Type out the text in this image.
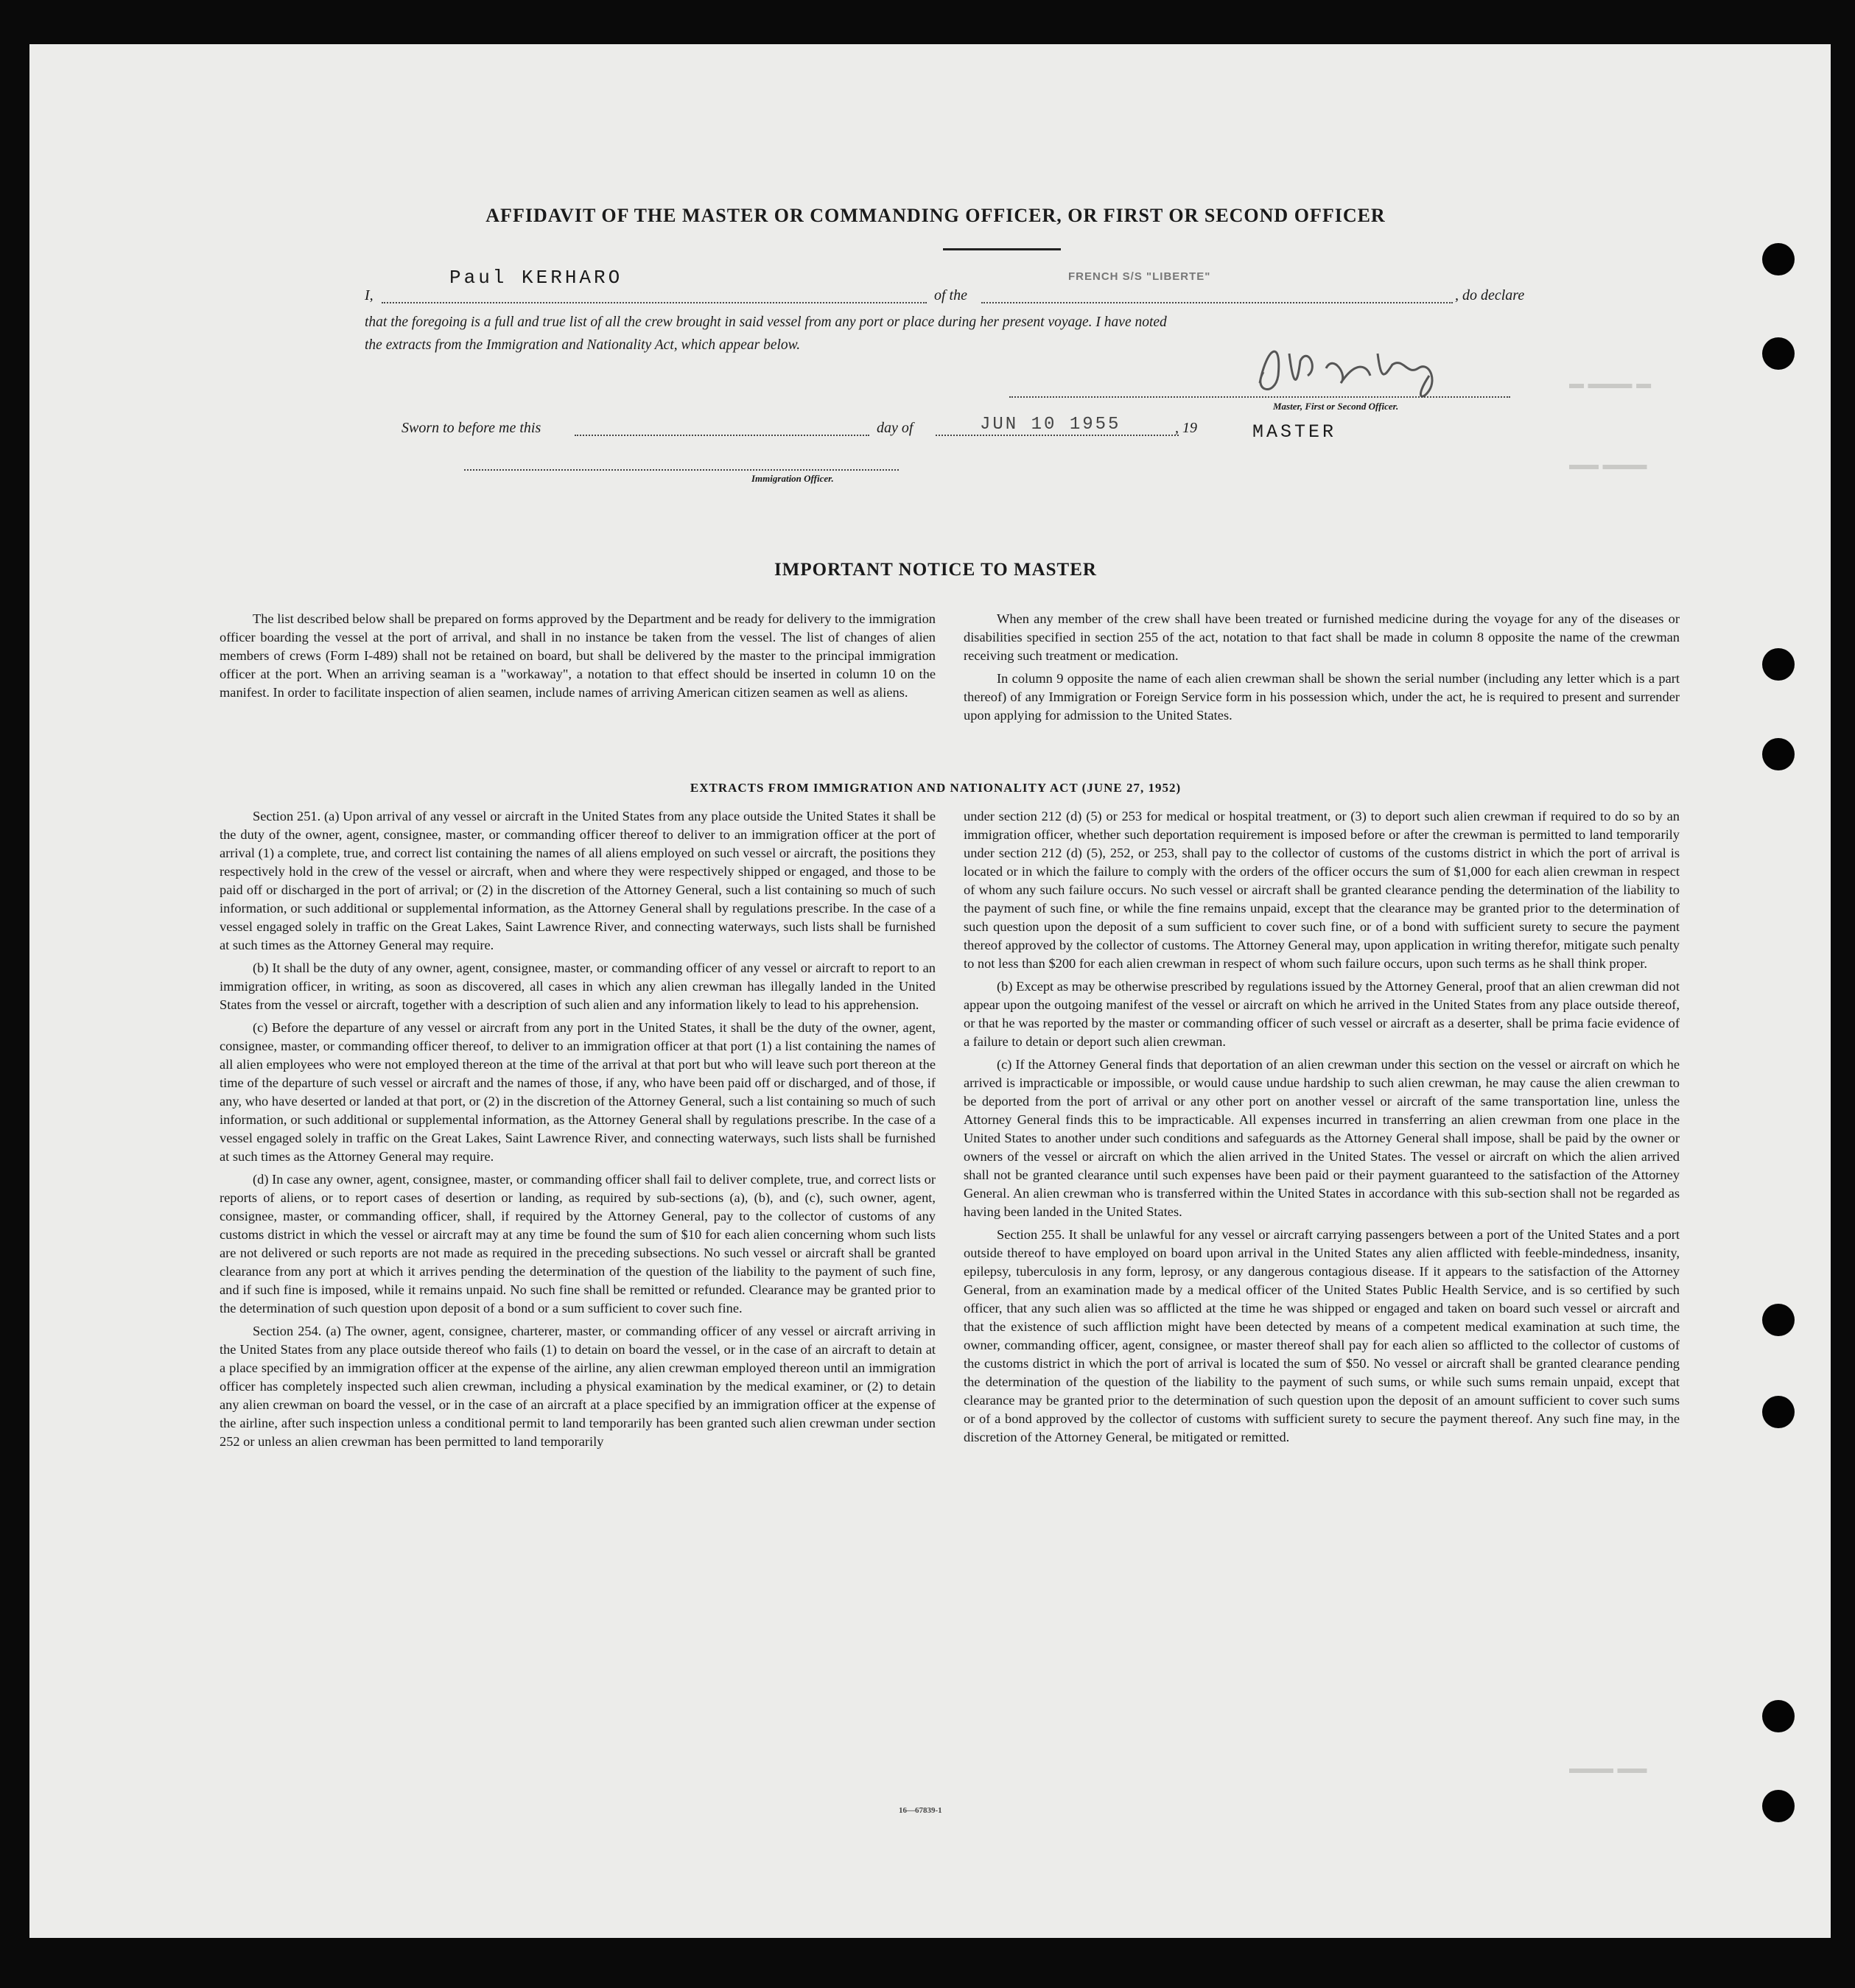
▬ ▬▬▬ ▬
▬▬ ▬▬▬
▬▬▬ ▬▬
AFFIDAVIT OF THE MASTER OR COMMANDING OFFICER, OR FIRST OR SECOND OFFICER
I,
Paul KERHARO
of the
FRENCH S/S "LIBERTE"
, do declare
that the foregoing is a full and true list of all the crew brought in said vessel from any port or place during her present voyage. I have noted
the extracts from the Immigration and Nationality Act, which appear below.
Master, First or Second Officer.
Sworn to before me this	day of	JUN 10 1955	, 19	MASTER
Immigration Officer.
IMPORTANT NOTICE TO MASTER

The list described below shall be prepared on forms approved by the Department and be ready for delivery to the immigration officer boarding the vessel at the port of arrival, and shall in no instance be taken from the vessel. The list of changes of alien members of crews (Form I-489) shall not be retained on board, but shall be delivered by the master to the principal immigration officer at the port. When an arriving seaman is a "workaway", a notation to that effect should be inserted in column 10 on the manifest. In order to facilitate inspection of alien seamen, include names of arriving American citizen seamen as well as aliens.

When any member of the crew shall have been treated or furnished medicine during the voyage for any of the diseases or disabilities specified in section 255 of the act, notation to that fact shall be made in column 8 opposite the name of the crewman receiving such treatment or medication.

In column 9 opposite the name of each alien crewman shall be shown the serial number (including any letter which is a part thereof) of any Immigration or Foreign Service form in his possession which, under the act, he is required to present and surrender upon applying for admission to the United States.

EXTRACTS FROM IMMIGRATION AND NATIONALITY ACT (JUNE 27, 1952)

Section 251. (a) Upon arrival of any vessel or aircraft in the United States from any place outside the United States it shall be the duty of the owner, agent, consignee, master, or commanding officer thereof to deliver to an immigration officer at the port of arrival (1) a complete, true, and correct list containing the names of all aliens employed on such vessel or aircraft, the positions they respectively hold in the crew of the vessel or aircraft, when and where they were respectively shipped or engaged, and those to be paid off or discharged in the port of arrival; or (2) in the discretion of the Attorney General, such a list containing so much of such information, or such additional or supplemental information, as the Attorney General shall by regulations prescribe. In the case of a vessel engaged solely in traffic on the Great Lakes, Saint Lawrence River, and connecting waterways, such lists shall be furnished at such times as the Attorney General may require.

(b) It shall be the duty of any owner, agent, consignee, master, or commanding officer of any vessel or aircraft to report to an immigration officer, in writing, as soon as discovered, all cases in which any alien crewman has illegally landed in the United States from the vessel or aircraft, together with a description of such alien and any information likely to lead to his apprehension.

(c) Before the departure of any vessel or aircraft from any port in the United States, it shall be the duty of the owner, agent, consignee, master, or commanding officer thereof, to deliver to an immigration officer at that port (1) a list containing the names of all alien employees who were not employed thereon at the time of the arrival at that port but who will leave such port thereon at the time of the departure of such vessel or aircraft and the names of those, if any, who have been paid off or discharged, and of those, if any, who have deserted or landed at that port, or (2) in the discretion of the Attorney General, such a list containing so much of such information, or such additional or supplemental information, as the Attorney General shall by regulations prescribe. In the case of a vessel engaged solely in traffic on the Great Lakes, Saint Lawrence River, and connecting waterways, such lists shall be furnished at such times as the Attorney General may require.

(d) In case any owner, agent, consignee, master, or commanding officer shall fail to deliver complete, true, and correct lists or reports of aliens, or to report cases of desertion or landing, as required by sub-sections (a), (b), and (c), such owner, agent, consignee, master, or commanding officer, shall, if required by the Attorney General, pay to the collector of customs of any customs district in which the vessel or aircraft may at any time be found the sum of $10 for each alien concerning whom such lists are not delivered or such reports are not made as required in the preceding subsections. No such vessel or aircraft shall be granted clearance from any port at which it arrives pending the determination of the question of the liability to the payment of such fine, and if such fine is imposed, while it remains unpaid. No such fine shall be remitted or refunded. Clearance may be granted prior to the determination of such question upon deposit of a bond or a sum sufficient to cover such fine.

Section 254. (a) The owner, agent, consignee, charterer, master, or commanding officer of any vessel or aircraft arriving in the United States from any place outside thereof who fails (1) to detain on board the vessel, or in the case of an aircraft to detain at a place specified by an immigration officer at the expense of the airline, any alien crewman employed thereon until an immigration officer has completely inspected such alien crewman, including a physical examination by the medical examiner, or (2) to detain any alien crewman on board the vessel, or in the case of an aircraft at a place specified by an immigration officer at the expense of the airline, after such inspection unless a conditional permit to land temporarily has been granted such alien crewman under section 252 or unless an alien crewman has been permitted to land temporarily

under section 212 (d) (5) or 253 for medical or hospital treatment, or (3) to deport such alien crewman if required to do so by an immigration officer, whether such deportation requirement is imposed before or after the crewman is permitted to land temporarily under section 212 (d) (5), 252, or 253, shall pay to the collector of customs of the customs district in which the port of arrival is located or in which the failure to comply with the orders of the officer occurs the sum of $1,000 for each alien crewman in respect of whom any such failure occurs. No such vessel or aircraft shall be granted clearance pending the determination of the liability to the payment of such fine, or while the fine remains unpaid, except that the clearance may be granted prior to the determination of such question upon the deposit of a sum sufficient to cover such fine, or of a bond with sufficient surety to secure the payment thereof approved by the collector of customs. The Attorney General may, upon application in writing therefor, mitigate such penalty to not less than $200 for each alien crewman in respect of whom such failure occurs, upon such terms as he shall think proper.

(b) Except as may be otherwise prescribed by regulations issued by the Attorney General, proof that an alien crewman did not appear upon the outgoing manifest of the vessel or aircraft on which he arrived in the United States from any place outside thereof, or that he was reported by the master or commanding officer of such vessel or aircraft as a deserter, shall be prima facie evidence of a failure to detain or deport such alien crewman.

(c) If the Attorney General finds that deportation of an alien crewman under this section on the vessel or aircraft on which he arrived is impracticable or impossible, or would cause undue hardship to such alien crewman, he may cause the alien crewman to be deported from the port of arrival or any other port on another vessel or aircraft of the same transportation line, unless the Attorney General finds this to be impracticable. All expenses incurred in transferring an alien crewman from one place in the United States to another under such conditions and safeguards as the Attorney General shall impose, shall be paid by the owner or owners of the vessel or aircraft on which the alien arrived in the United States. The vessel or aircraft on which the alien arrived shall not be granted clearance until such expenses have been paid or their payment guaranteed to the satisfaction of the Attorney General. An alien crewman who is transferred within the United States in accordance with this sub-section shall not be regarded as having been landed in the United States.

Section 255. It shall be unlawful for any vessel or aircraft carrying passengers between a port of the United States and a port outside thereof to have employed on board upon arrival in the United States any alien afflicted with feeble-mindedness, insanity, epilepsy, tuberculosis in any form, leprosy, or any dangerous contagious disease. If it appears to the satisfaction of the Attorney General, from an examination made by a medical officer of the United States Public Health Service, and is so certified by such officer, that any such alien was so afflicted at the time he was shipped or engaged and taken on board such vessel or aircraft and that the existence of such affliction might have been detected by means of a competent medical examination at such time, the owner, commanding officer, agent, consignee, or master thereof shall pay for each alien so afflicted to the collector of customs of the customs district in which the port of arrival is located the sum of $50. No vessel or aircraft shall be granted clearance pending the determination of the question of the liability to the payment of such sums, or while such sums remain unpaid, except that clearance may be granted prior to the determination of such question upon the deposit of an amount sufficient to cover such sums or of a bond approved by the collector of customs with sufficient surety to secure the payment thereof. Any such fine may, in the discretion of the Attorney General, be mitigated or remitted.

16—67839-1
